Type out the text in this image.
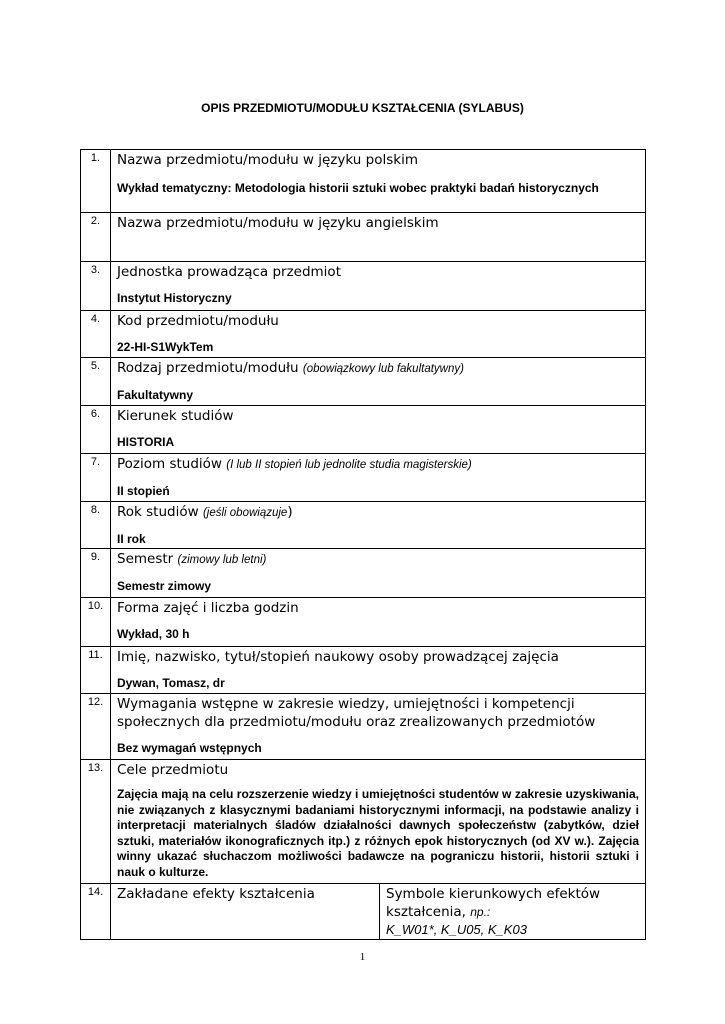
OPIS PRZEDMIOTU/MODUŁU KSZTAŁCENIA (SYLABUS)
1.	Nazwa przedmiotu/modułu w języku polskim
Wykład tematyczny: Metodologia historii sztuki wobec praktyki badań historycznych	

2.	Nazwa przedmiotu/modułu w języku angielskim	

3.	Jednostka prowadząca przedmiot
Instytut Historyczny	

4.	Kod przedmiotu/modułu
22-HI-S1WykTem	

5.	Rodzaj przedmiotu/modułu (obowiązkowy lub fakultatywny)
Fakultatywny	

6.	Kierunek studiów
HISTORIA	

7.	Poziom studiów (I lub II stopień lub jednolite studia magisterskie)
II stopień	

8.	Rok studiów (jeśli obowiązuje)
II rok	

9.	Semestr (zimowy lub letni)
Semestr zimowy	

10.	Forma zajęć i liczba godzin
Wykład, 30 h	

11.	Imię, nazwisko, tytuł/stopień naukowy osoby prowadzącej zajęcia
Dywan, Tomasz, dr	

12.	Wymagania wstępne w zakresie wiedzy, umiejętności i kompetencji społecznych dla przedmiotu/modułu oraz zrealizowanych przedmiotów
Bez wymagań wstępnych	

13.	Cele przedmiotu
Zajęcia mają na celu rozszerzenie wiedzy i umiejętności studentów w zakresie uzyskiwania, nie związanych z klasycznymi badaniami historycznymi informacji, na podstawie analizy i interpretacji materialnych śladów działalności dawnych społeczeństw (zabytków, dzieł sztuki, materiałów ikonograficznych itp.) z różnych epok historycznych (od XV w.). Zajęcia winny ukazać słuchaczom możliwości badawcze na pograniczu historii, historii sztuki i nauk o kulturze.	

14.	Zakładane efekty kształcenia	Symbole kierunkowych efektów kształcenia, np.:
K_W01*, K_U05, K_K03
1
